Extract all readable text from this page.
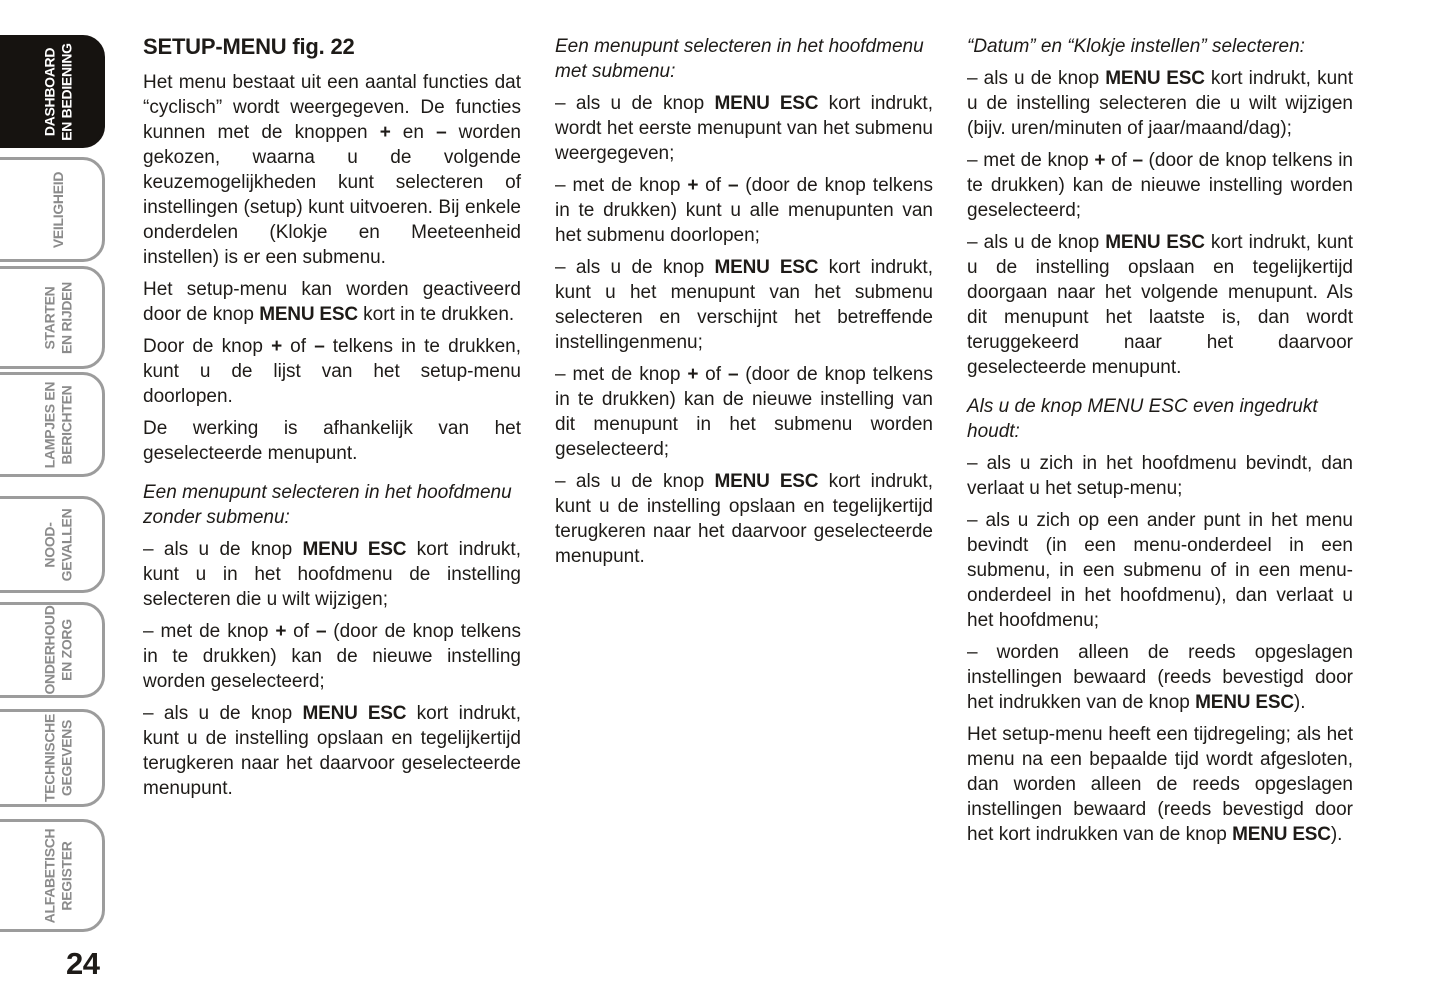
DASHBOARD EN BEDIENING
VEILIGHEID
STARTEN EN RIJDEN
LAMPJES EN BERICHTEN
NOOD- GEVALLEN
ONDERHOUD EN ZORG
TECHNISCHE GEGEVENS
ALFABETISCH REGISTER
SETUP-MENU fig. 22

Het menu bestaat uit een aantal functies dat “cyclisch” wordt weergegeven. De functies kunnen met de knoppen + en – worden gekozen, waarna u de volgende keuzemogelijkheden kunt selecteren of instellingen (setup) kunt uitvoeren. Bij enkele onderdelen (Klokje en Meeteenheid instellen) is er een submenu.

Het setup-menu kan worden geactiveerd door de knop MENU ESC kort in te drukken.

Door de knop + of – telkens in te drukken, kunt u de lijst van het setup-menu doorlopen.

De werking is afhankelijk van het geselecteerde menupunt.

Een menupunt selecteren in het hoofdmenu zonder submenu:

– als u de knop MENU ESC kort indrukt, kunt u in het hoofdmenu de instelling selecteren die u wilt wijzigen;

– met de knop + of – (door de knop telkens in te drukken) kan de nieuwe instelling worden geselecteerd;

– als u de knop MENU ESC kort indrukt, kunt u de instelling opslaan en tegelijkertijd terugkeren naar het daarvoor geselecteerde menupunt.

Een menupunt selecteren in het hoofdmenu met submenu:

– als u de knop MENU ESC kort indrukt, wordt het eerste menupunt van het submenu weergegeven;

– met de knop + of – (door de knop telkens in te drukken) kunt u alle menupunten van het submenu doorlopen;

– als u de knop MENU ESC kort indrukt, kunt u het menupunt van het submenu selecteren en verschijnt het betreffende instellingenmenu;

– met de knop + of – (door de knop telkens in te drukken) kan de nieuwe instelling van dit menupunt in het submenu worden geselecteerd;

– als u de knop MENU ESC kort indrukt, kunt u de instelling opslaan en tegelijkertijd terugkeren naar het daarvoor geselecteerde menupunt.

“Datum” en “Klokje instellen” selecteren:

– als u de knop MENU ESC kort indrukt, kunt u de instelling selecteren die u wilt wijzigen (bijv. uren/minuten of jaar/maand/dag);

– met de knop + of – (door de knop telkens in te drukken) kan de nieuwe instelling worden geselecteerd;

– als u de knop MENU ESC kort indrukt, kunt u de instelling opslaan en tegelijkertijd doorgaan naar het volgende menupunt. Als dit menupunt het laatste is, dan wordt teruggekeerd naar het daarvoor geselecteerde menupunt.

Als u de knop MENU ESC even ingedrukt houdt:

– als u zich in het hoofdmenu bevindt, dan verlaat u het setup-menu;

– als u zich op een ander punt in het menu bevindt (in een menu-onderdeel in een submenu, in een submenu of in een menu-onderdeel in het hoofdmenu), dan verlaat u het hoofdmenu;

– worden alleen de reeds opgeslagen instellingen bewaard (reeds bevestigd door het indrukken van de knop MENU ESC).

Het setup-menu heeft een tijdregeling; als het menu na een bepaalde tijd wordt afgesloten, dan worden alleen de reeds opgeslagen instellingen bewaard (reeds bevestigd door het kort indrukken van de knop MENU ESC).

24
